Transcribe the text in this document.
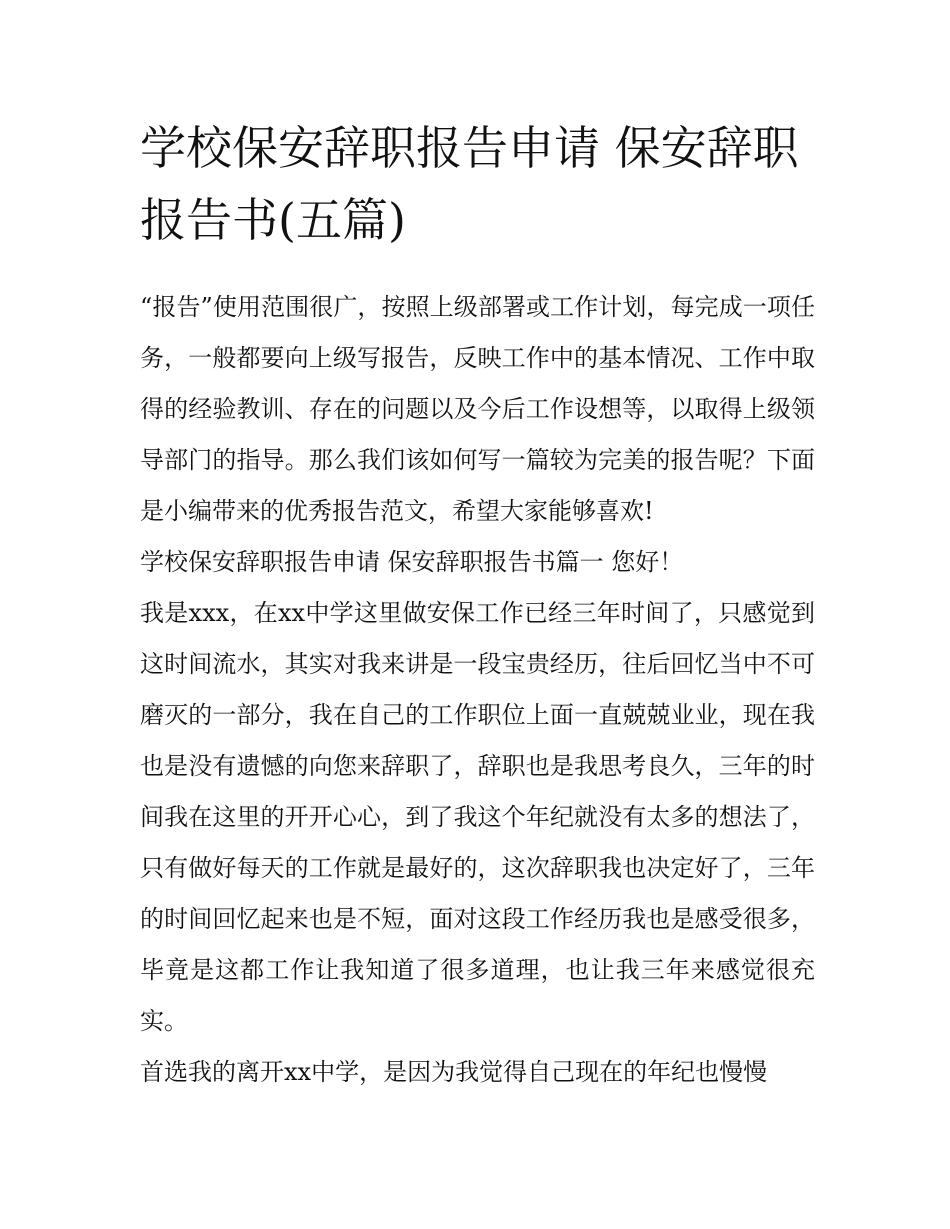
学校保安辞职报告申请 保安辞职报告书(五篇)

“报告”使用范围很广，按照上级部署或工作计划，每完成一项任务，一般都要向上级写报告，反映工作中的基本情况、工作中取得的经验教训、存在的问题以及今后工作设想等，以取得上级领导部门的指导。那么我们该如何写一篇较为完美的报告呢？下面是小编带来的优秀报告范文，希望大家能够喜欢!

学校保安辞职报告申请 保安辞职报告书篇一 您好！

我是xxx，在xx中学这里做安保工作已经三年时间了，只感觉到这时间流水，其实对我来讲是一段宝贵经历，往后回忆当中不可磨灭的一部分，我在自己的工作职位上面一直兢兢业业，现在我也是没有遗憾的向您来辞职了，辞职也是我思考良久，三年的时间我在这里的开开心心，到了我这个年纪就没有太多的想法了，只有做好每天的工作就是最好的，这次辞职我也决定好了，三年的时间回忆起来也是不短，面对这段工作经历我也是感受很多，毕竟是这都工作让我知道了很多道理，也让我三年来感觉很充实。

首选我的离开xx中学，是因为我觉得自己现在的年纪也慢慢
